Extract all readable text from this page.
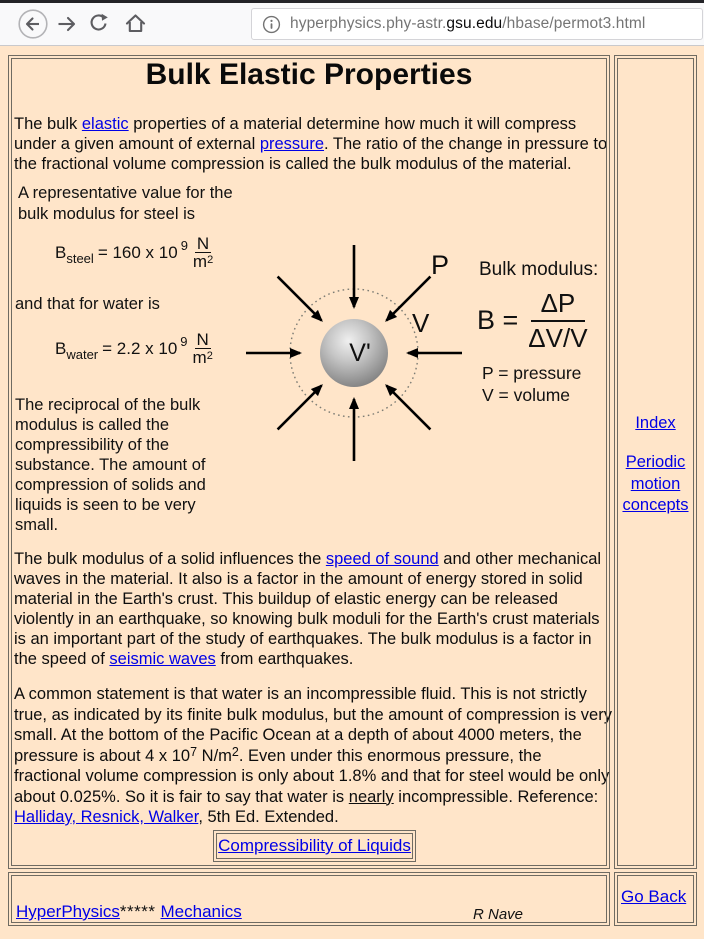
hyperphysics.phy-astr.gsu.edu/hbase/permot3.html
Bulk Elastic Properties

The bulk elastic properties of a material determine how much it will compress under a given amount of external pressure. The ratio of the change in pressure to the fractional volume compression is called the bulk modulus of the material.

A representative value for the bulk modulus for steel is
$B_{steel} = 160$ x $10^9 \frac{N}{m^2}$
and that for water is
$B_{water} = 2.2$ x $10^9 \frac{N}{m^2}$
The reciprocal of the bulk modulus is called the compressibility of the substance. The amount of compression of solids and liquids is seen to be very small.
P
V
V'
Bulk modulus:
$B = \frac{\Delta P}{\Delta V/V}$
P = pressure
V = volume

The bulk modulus of a solid influences the speed of sound and other mechanical waves in the material. It also is a factor in the amount of energy stored in solid material in the Earth's crust. This buildup of elastic energy can be released violently in an earthquake, so knowing bulk moduli for the Earth's crust materials is an important part of the study of earthquakes. The bulk modulus is a factor in the speed of seismic waves from earthquakes.

A common statement is that water is an incompressible fluid. This is not strictly true, as indicated by its finite bulk modulus, but the amount of compression is very small. At the bottom of the Pacific Ocean at a depth of about 4000 meters, the pressure is about 4 x $10^7$ $N/m^2$. Even under this enormous pressure, the fractional volume compression is only about 1.8% and that for steel would be only about 0.025%. So it is fair to say that water is nearly incompressible. Reference: Halliday, Resnick, Walker, 5th Ed. Extended.

Compressibility of Liquids
Index
Periodic motion concepts
HyperPhysics***** Mechanics	R Nave
Go Back
